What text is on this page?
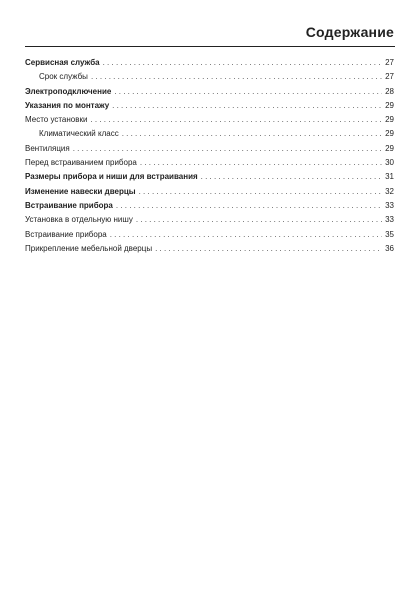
Содержание
Сервисная служба . . .	27
Срок службы . . .	27
Электроподключение . . .	28
Указания по монтажу . . .	29
Место установки . . .	29
Климатический класс . . .	29
Вентиляция . . .	29
Перед встраиванием прибора . . .	30
Размеры прибора и ниши для встраивания . . .	31
Изменение навески дверцы . . .	32
Встраивание прибора . . .	33
Установка в отдельную нишу . . .	33
Встраивание прибора . . .	35
Прикрепление мебельной дверцы . . .	36
